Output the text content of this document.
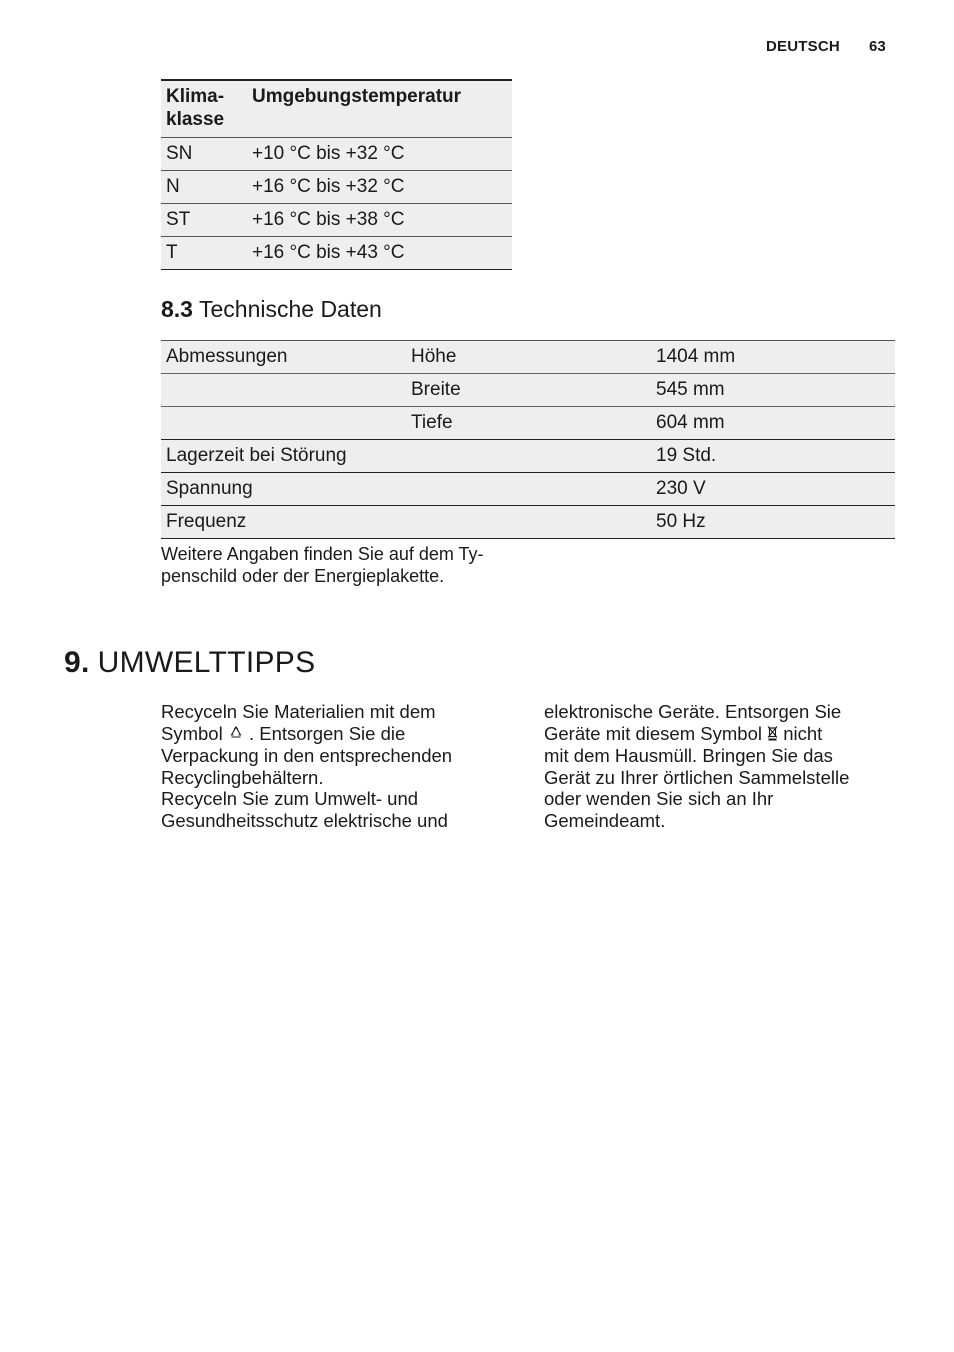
DEUTSCH 63
Klima-
klasse	Umgebungstemperatur
SN	+10 °C bis +32 °C
N	+16 °C bis +32 °C
ST	+16 °C bis +38 °C
T	+16 °C bis +43 °C
8.3 Technische Daten
Abmessungen	Höhe	1404 mm
	Breite	545 mm
	Tiefe	604 mm
Lagerzeit bei Störung		19 Std.
Spannung		230 V
Frequenz		50 Hz
Weitere Angaben finden Sie auf dem Ty-
penschild oder der Energieplakette.
9. UMWELTTIPPS

Recyceln Sie Materialien mit dem

Symbol  . Entsorgen Sie die

Verpackung in den entsprechenden

Recyclingbehältern.

Recyceln Sie zum Umwelt- und

Gesundheitsschutz elektrische und

elektronische Geräte. Entsorgen Sie

Geräte mit diesem Symbol  nicht

mit dem Hausmüll. Bringen Sie das

Gerät zu Ihrer örtlichen Sammelstelle

oder wenden Sie sich an Ihr

Gemeindeamt.
